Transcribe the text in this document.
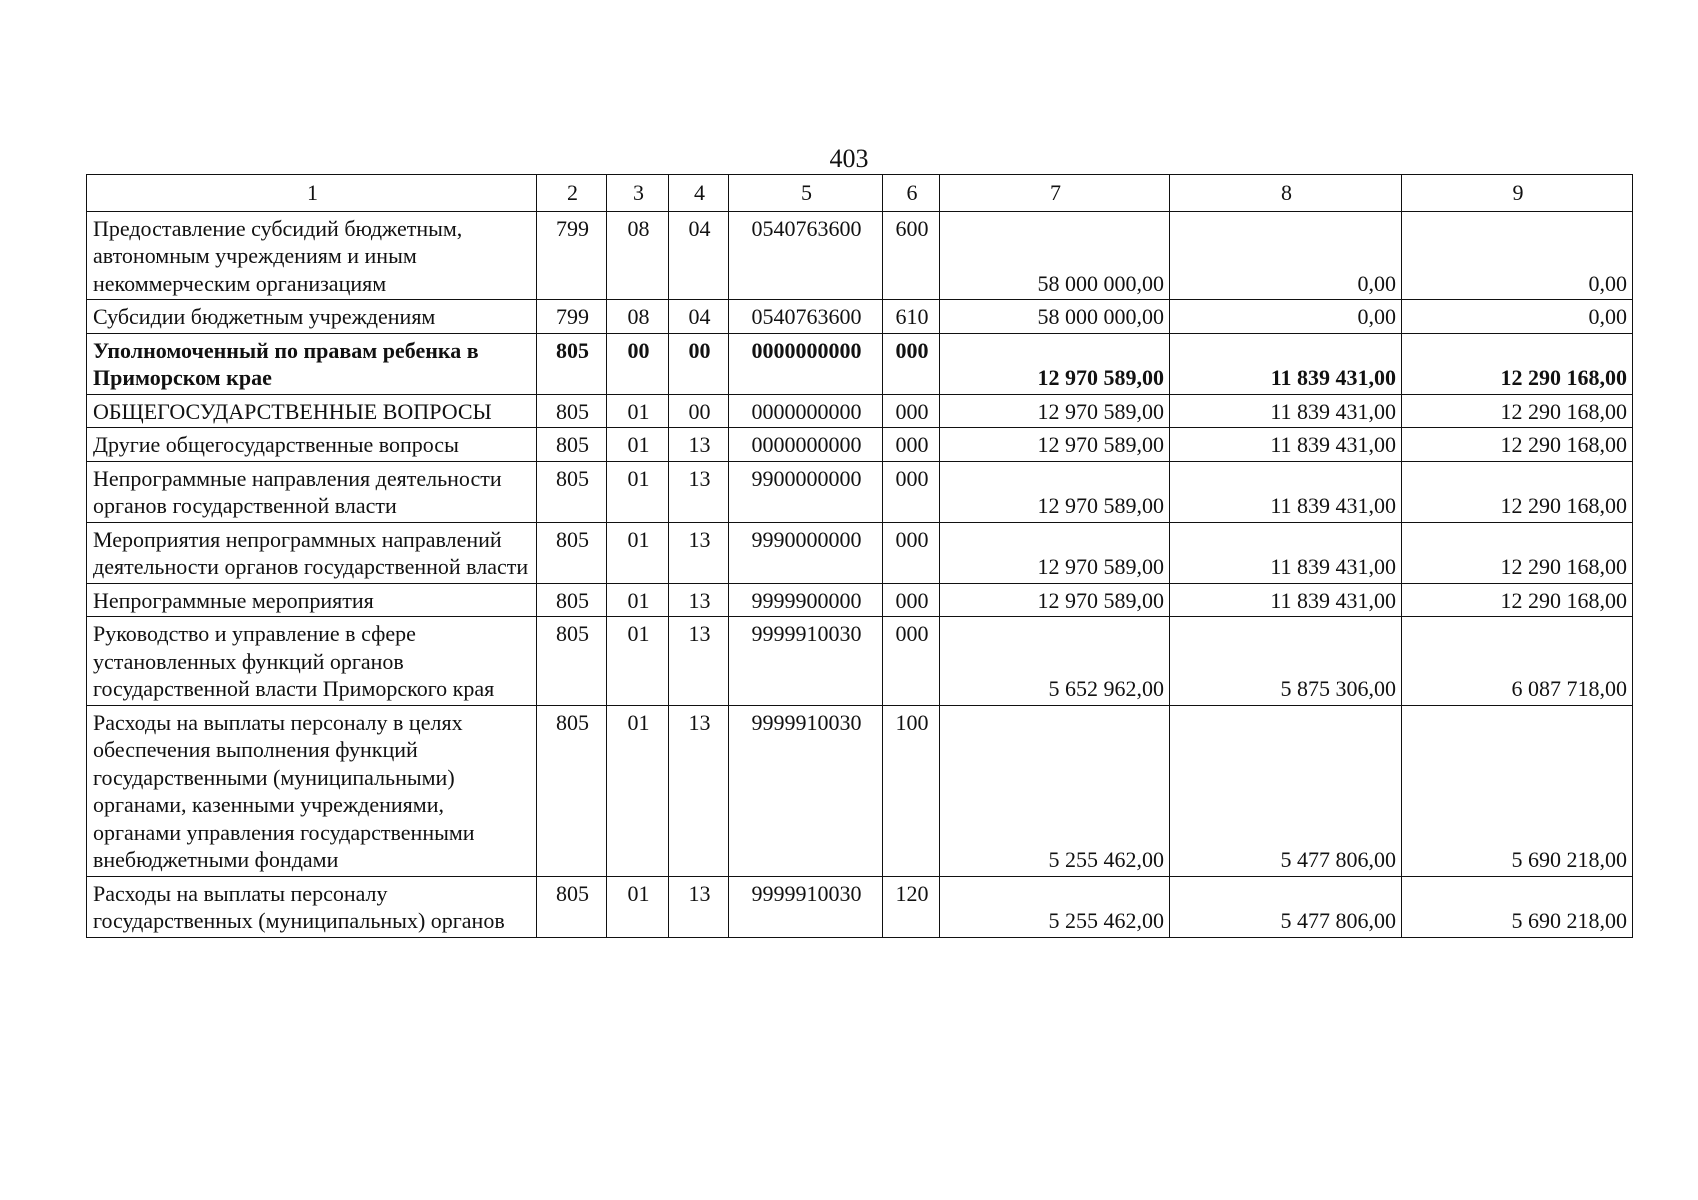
403
1	2	3	4	5	6	7	8	9
Предоставление субсидий бюджетным, автономным учреждениям и иным некоммерческим организациям	799	08	04	0540763600	600	58 000 000,00	0,00	0,00
Субсидии бюджетным учреждениям	799	08	04	0540763600	610	58 000 000,00	0,00	0,00
Уполномоченный по правам ребенка в Приморском крае	805	00	00	0000000000	000	12 970 589,00	11 839 431,00	12 290 168,00
ОБЩЕГОСУДАРСТВЕННЫЕ ВОПРОСЫ	805	01	00	0000000000	000	12 970 589,00	11 839 431,00	12 290 168,00
Другие общегосударственные вопросы	805	01	13	0000000000	000	12 970 589,00	11 839 431,00	12 290 168,00
Непрограммные направления деятельности органов государственной власти	805	01	13	9900000000	000	12 970 589,00	11 839 431,00	12 290 168,00
Мероприятия непрограммных направлений деятельности органов государственной власти	805	01	13	9990000000	000	12 970 589,00	11 839 431,00	12 290 168,00
Непрограммные мероприятия	805	01	13	9999900000	000	12 970 589,00	11 839 431,00	12 290 168,00
Руководство и управление в сфере установленных функций органов государственной власти Приморского края	805	01	13	9999910030	000	5 652 962,00	5 875 306,00	6 087 718,00
Расходы на выплаты персоналу в целях обеспечения выполнения функций государственными (муниципальными) органами, казенными учреждениями, органами управления государственными внебюджетными фондами	805	01	13	9999910030	100	5 255 462,00	5 477 806,00	5 690 218,00
Расходы на выплаты персоналу государственных (муниципальных) органов	805	01	13	9999910030	120	5 255 462,00	5 477 806,00	5 690 218,00
